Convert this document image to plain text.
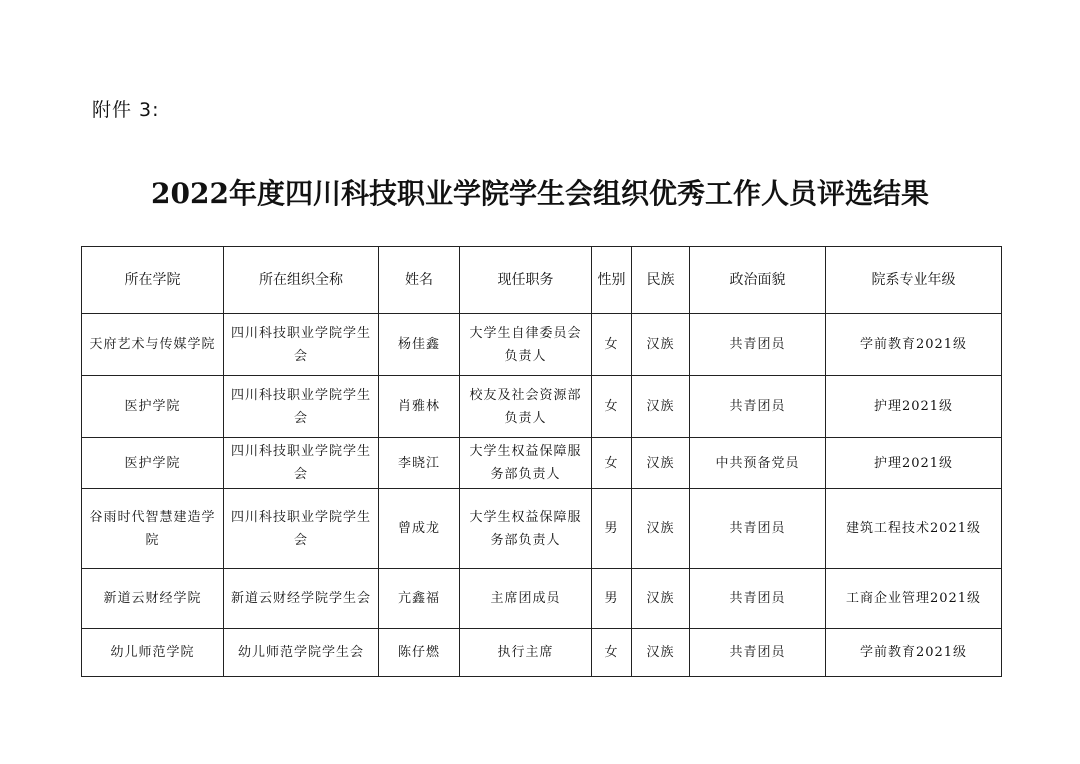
附件 3:
2022年度四川科技职业学院学生会组织优秀工作人员评选结果
所在学院	所在组织全称	姓名	现任职务	性别	民族	政治面貌	院系专业年级
天府艺术与传媒学院	四川科技职业学院学生会	杨佳鑫	大学生自律委员会负责人	女	汉族	共青团员	学前教育2021级
医护学院	四川科技职业学院学生会	肖雅林	校友及社会资源部负责人	女	汉族	共青团员	护理2021级
医护学院	四川科技职业学院学生会	李晓江	大学生权益保障服务部负责人	女	汉族	中共预备党员	护理2021级
谷雨时代智慧建造学院	四川科技职业学院学生会	曾成龙	大学生权益保障服务部负责人	男	汉族	共青团员	建筑工程技术2021级
新道云财经学院	新道云财经学院学生会	亢鑫福	主席团成员	男	汉族	共青团员	工商企业管理2021级
幼儿师范学院	幼儿师范学院学生会	陈仔燃	执行主席	女	汉族	共青团员	学前教育2021级
